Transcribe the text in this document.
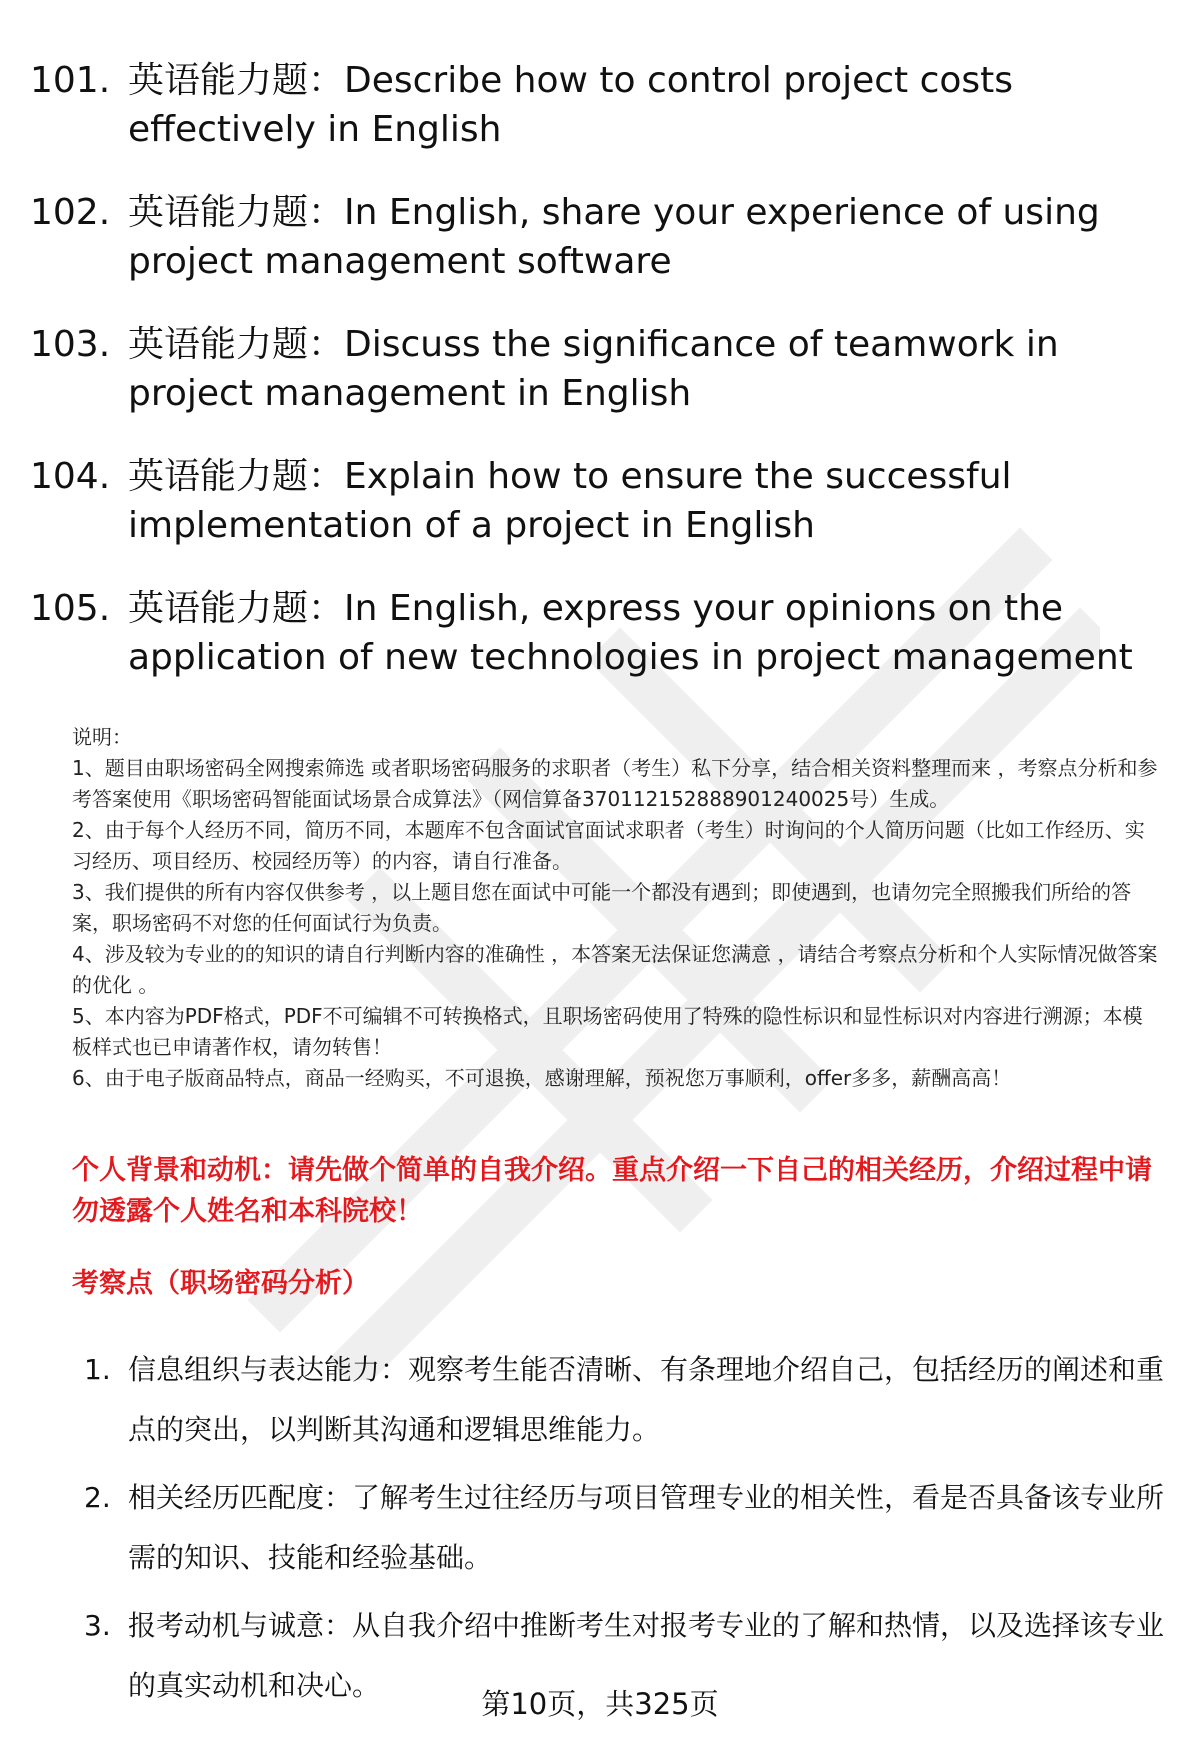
101. 英语能力题：Describe how to control project costs effectively in English
102. 英语能力题：In English, share your experience of using project management software
103. 英语能力题：Discuss the significance of teamwork in project management in English
104. 英语能力题：Explain how to ensure the successful implementation of a project in English
105. 英语能力题：In English, express your opinions on the application of new technologies in project management
说明：

1、题目由职场密码全网搜索筛选 或者职场密码服务的求职者（考生）私下分享，结合相关资料整理而来 ，考察点分析和参考答案使用《职场密码智能面试场景合成算法》（网信算备370112152888901240025号）生成。

2、由于每个人经历不同，简历不同，本题库不包含面试官面试求职者（考生）时询问的个人简历问题（比如工作经历、实习经历、项目经历、校园经历等）的内容，请自行准备。

3、我们提供的所有内容仅供参考 ，以上题目您在面试中可能一个都没有遇到；即使遇到，也请勿完全照搬我们所给的答案，职场密码不对您的任何面试行为负责。

4、涉及较为专业的的知识的请自行判断内容的准确性 ，本答案无法保证您满意 ，请结合考察点分析和个人实际情况做答案的优化 。

5、本内容为PDF格式，PDF不可编辑不可转换格式，且职场密码使用了特殊的隐性标识和显性标识对内容进行溯源；本模板样式也已申请著作权，请勿转售！

6、由于电子版商品特点，商品一经购买，不可退换，感谢理解，预祝您万事顺利，offer多多，薪酬高高！

个人背景和动机：请先做个简单的自我介绍。重点介绍一下自己的相关经历，介绍过程中请勿透露个人姓名和本科院校！
考察点（职场密码分析）
1. 信息组织与表达能力：观察考生能否清晰、有条理地介绍自己，包括经历的阐述和重点的突出，以判断其沟通和逻辑思维能力。
2. 相关经历匹配度：了解考生过往经历与项目管理专业的相关性，看是否具备该专业所需的知识、技能和经验基础。
3. 报考动机与诚意：从自我介绍中推断考生对报考专业的了解和热情，以及选择该专业的真实动机和决心。
第10页，共325页
